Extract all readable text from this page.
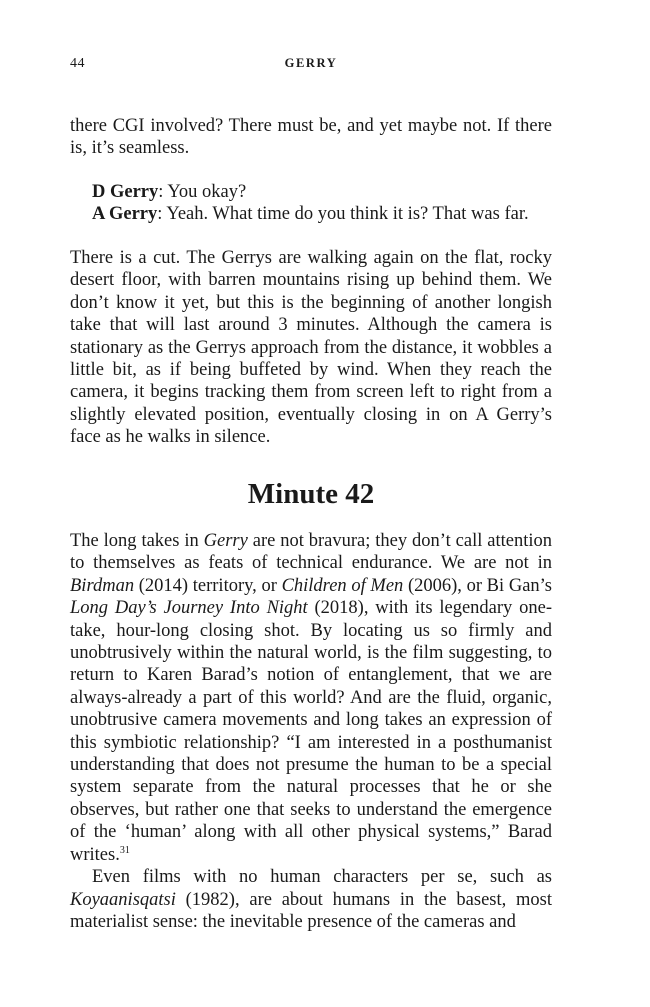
44	GERRY

there CGI involved? There must be, and yet maybe not. If there is, it’s seamless.

D Gerry: You okay?

A Gerry: Yeah. What time do you think it is? That was far.

There is a cut. The Gerrys are walking again on the flat, rocky desert floor, with barren mountains rising up behind them. We don’t know it yet, but this is the beginning of another longish take that will last around 3 minutes. Although the camera is stationary as the Gerrys approach from the distance, it wobbles a little bit, as if being buffeted by wind. When they reach the camera, it begins tracking them from screen left to right from a slightly elevated position, eventually closing in on A Gerry’s face as he walks in silence.

Minute 42

The long takes in Gerry are not bravura; they don’t call attention to themselves as feats of technical endurance. We are not in Birdman (2014) territory, or Children of Men (2006), or Bi Gan’s Long Day’s Journey Into Night (2018), with its legendary one-take, hour-long closing shot. By locating us so firmly and unobtrusively within the natural world, is the film suggesting, to return to Karen Barad’s notion of entanglement, that we are always-already a part of this world? And are the fluid, organic, unobtrusive camera movements and long takes an expression of this symbiotic relationship? “I am interested in a posthumanist understanding that does not presume the human to be a special system separate from the natural processes that he or she observes, but rather one that seeks to understand the emergence of the ‘human’ along with all other physical systems,” Barad writes.$^{31}$

Even films with no human characters per se, such as Koyaanisqatsi (1982), are about humans in the basest, most materialist sense: the inevitable presence of the cameras and
